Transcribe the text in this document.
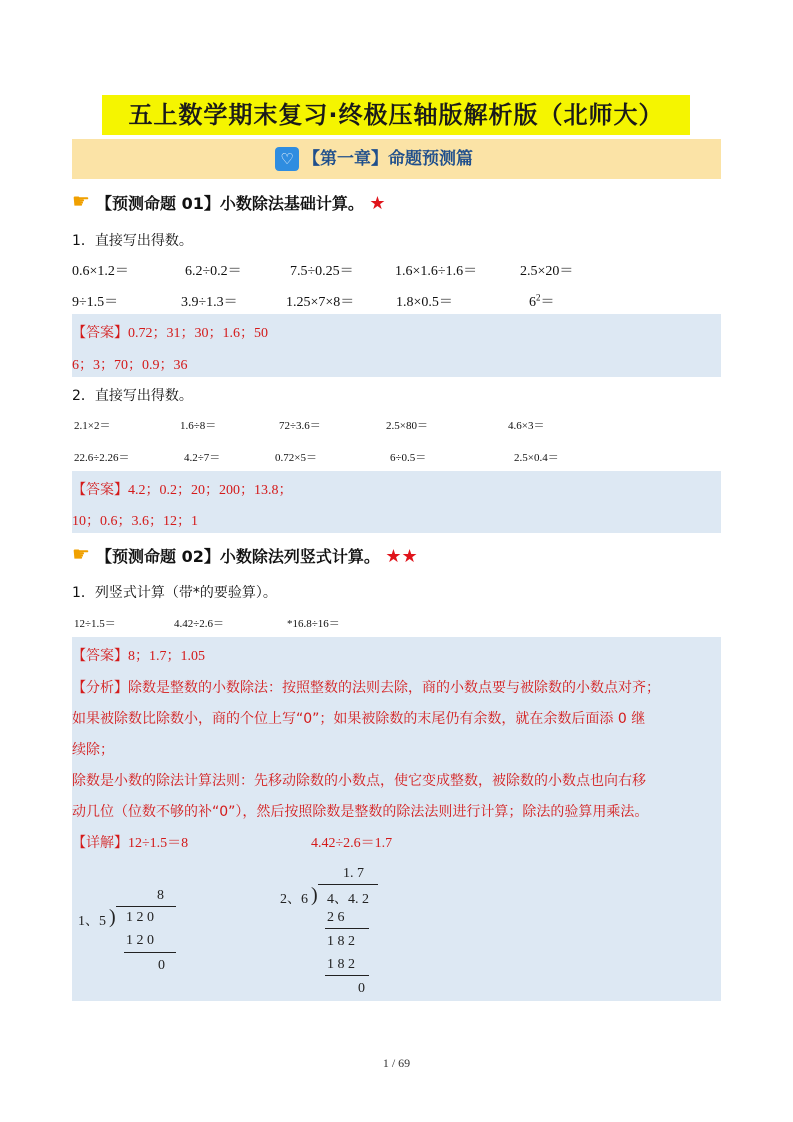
五上数学期末复习·终极压轴版解析版（北师大）
♡ 【第一章】命题预测篇
☛ 【预测命题 01】小数除法基础计算。 ★
1．直接写出得数。
0.6×1.2＝	6.2÷0.2＝	7.5÷0.25＝	1.6×1.6÷1.6＝	2.5×20＝
9÷1.5＝	3.9÷1.3＝	1.25×7×8＝	1.8×0.5＝	$6^2=$
【答案】0.72；31；30；1.6；50
6；3；70；0.9；36
2．直接写出得数。
2.1×2＝	1.6÷8＝	72÷3.6＝	2.5×80＝	4.6×3＝
22.6÷2.26＝	4.2÷7＝	0.72×5＝	6÷0.5＝	2.5×0.4＝
【答案】4.2；0.2；20；200；13.8；
10；0.6；3.6；12；1
☛ 【预测命题 02】小数除法列竖式计算。 ★★
1．列竖式计算（带*的要验算）。
12÷1.5＝	4.42÷2.6＝	*16.8÷16＝
【答案】8；1.7；1.05
【分析】除数是整数的小数除法：按照整数的法则去除，商的小数点要与被除数的小数点对齐；
如果被除数比除数小，商的个位上写“0”；如果被除数的末尾仍有余数，就在余数后面添 0 继
续除；
除数是小数的除法计算法则：先移动除数的小数点，使它变成整数，被除数的小数点也向右移
动几位（位数不够的补“0”），然后按照除数是整数的除法法则进行计算；除法的验算用乘法。
【详解】12÷1.5＝8	4.42÷2.6＝1.7
8
1、5 ) 1 2 0
1 2 0
0
1. 7
2、6 ) 4、4. 2
2 6
1 8 2
1 8 2
0
1 / 69
